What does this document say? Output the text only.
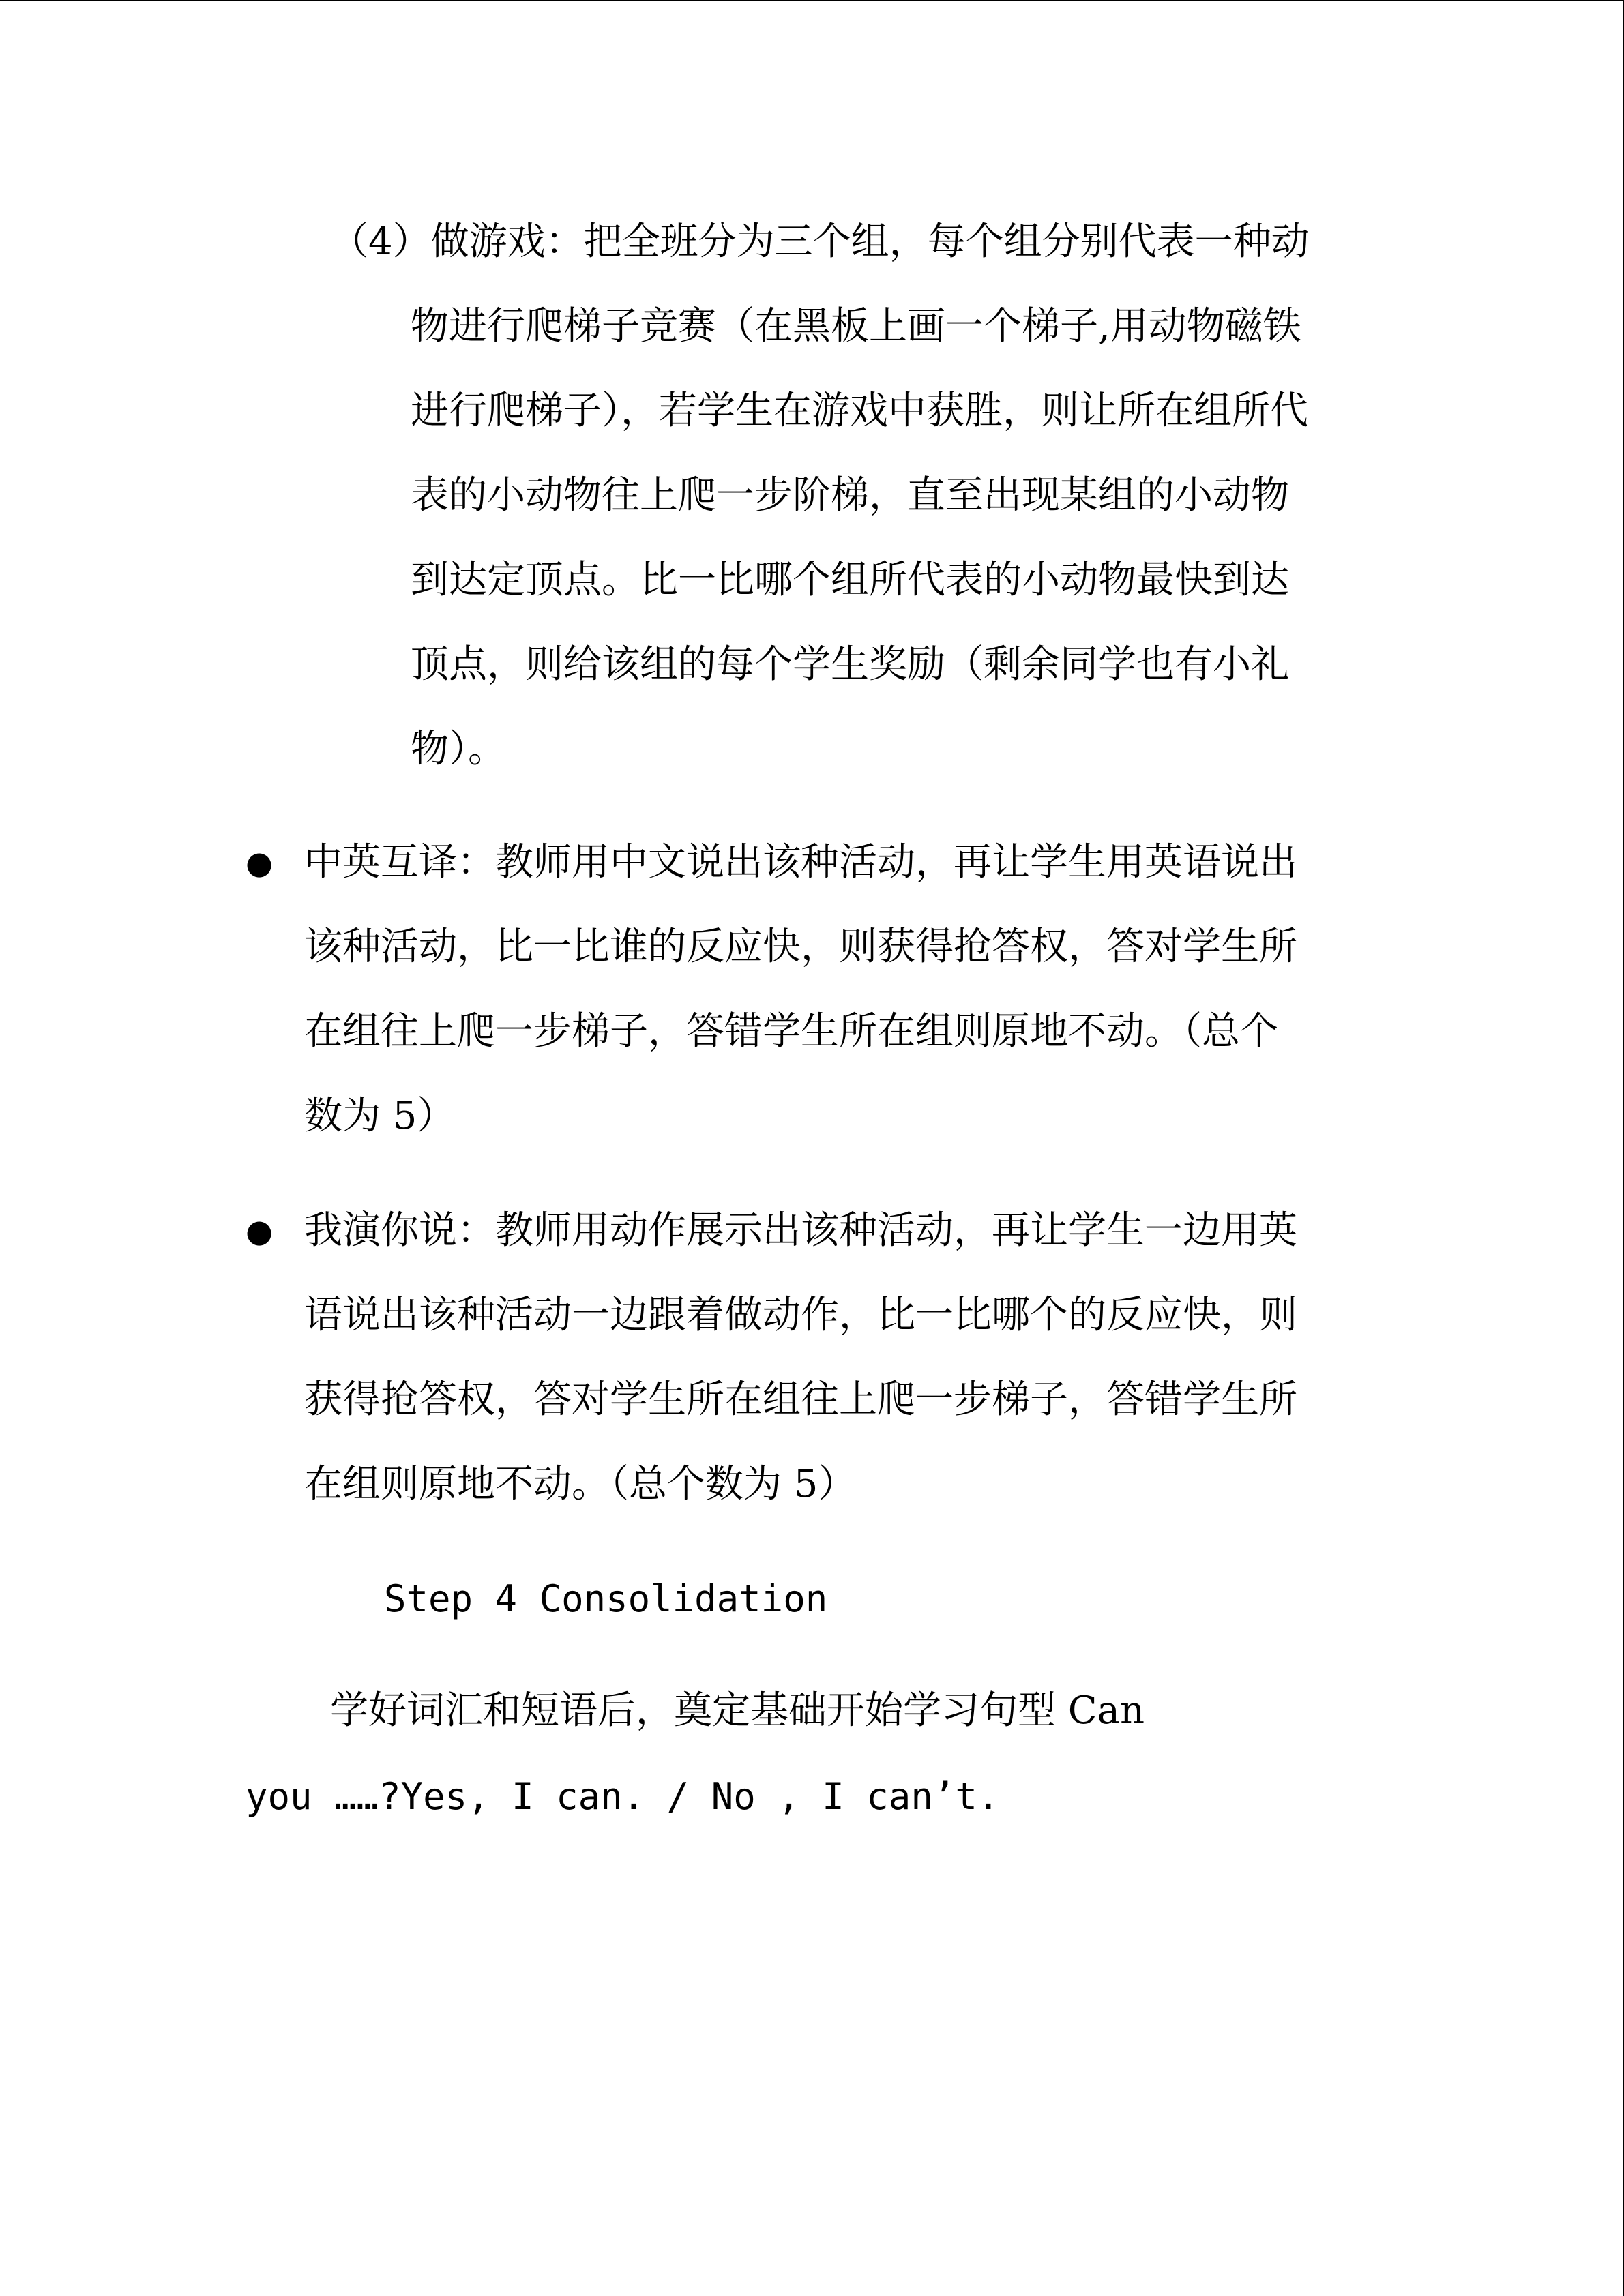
（4）做游戏：把全班分为三个组，每个组分别代表一种动
物进行爬梯子竞赛（在黑板上画一个梯子,用动物磁铁
进行爬梯子），若学生在游戏中获胜，则让所在组所代
表的小动物往上爬一步阶梯，直至出现某组的小动物
到达定顶点。比一比哪个组所代表的小动物最快到达
顶点，则给该组的每个学生奖励（剩余同学也有小礼
物）。
● 中英互译：教师用中文说出该种活动，再让学生用英语说出
该种活动，比一比谁的反应快，则获得抢答权，答对学生所
在组往上爬一步梯子，答错学生所在组则原地不动。（总个
数为 5）
● 我演你说：教师用动作展示出该种活动，再让学生一边用英
语说出该种活动一边跟着做动作，比一比哪个的反应快，则
获得抢答权，答对学生所在组往上爬一步梯子，答错学生所
在组则原地不动。（总个数为 5）
Step 4 Consolidation
学好词汇和短语后，奠定基础开始学习句型 Can
you ……?Yes, I can. / No , I can’t.
